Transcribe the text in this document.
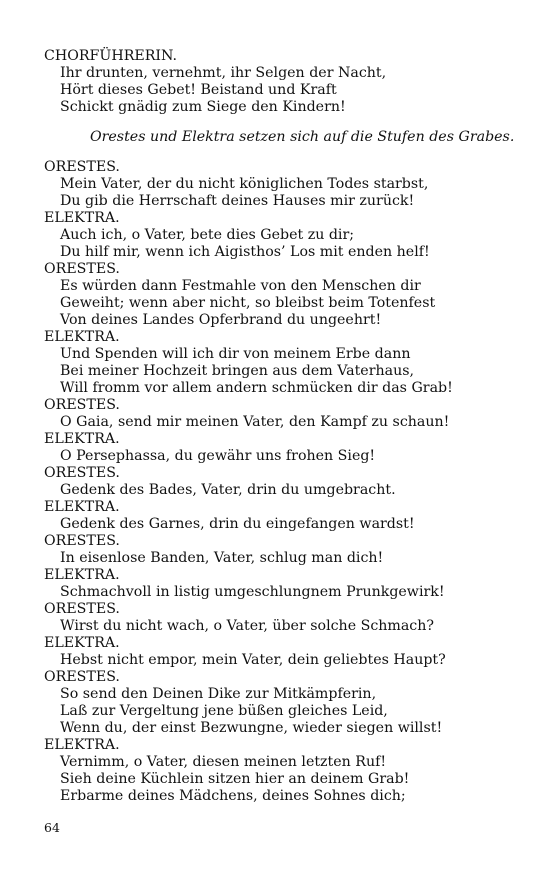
CHORFÜHRERIN.
Ihr drunten, vernehmt, ihr Selgen der Nacht,
Hört dieses Gebet! Beistand und Kraft
Schickt gnädig zum Siege den Kindern!
Orestes und Elektra setzen sich auf die Stufen des Grabes.
ORESTES.
Mein Vater, der du nicht königlichen Todes starbst,
Du gib die Herrschaft deines Hauses mir zurück!
ELEKTRA.
Auch ich, o Vater, bete dies Gebet zu dir;
Du hilf mir, wenn ich Aigisthos’ Los mit enden helf!
ORESTES.
Es würden dann Festmahle von den Menschen dir
Geweiht; wenn aber nicht, so bleibst beim Totenfest
Von deines Landes Opferbrand du ungeehrt!
ELEKTRA.
Und Spenden will ich dir von meinem Erbe dann
Bei meiner Hochzeit bringen aus dem Vaterhaus,
Will fromm vor allem andern schmücken dir das Grab!
ORESTES.
O Gaia, send mir meinen Vater, den Kampf zu schaun!
ELEKTRA.
O Persephassa, du gewähr uns frohen Sieg!
ORESTES.
Gedenk des Bades, Vater, drin du umgebracht.
ELEKTRA.
Gedenk des Garnes, drin du eingefangen wardst!
ORESTES.
In eisenlose Banden, Vater, schlug man dich!
ELEKTRA.
Schmachvoll in listig umgeschlungnem Prunkgewirk!
ORESTES.
Wirst du nicht wach, o Vater, über solche Schmach?
ELEKTRA.
Hebst nicht empor, mein Vater, dein geliebtes Haupt?
ORESTES.
So send den Deinen Dike zur Mitkämpferin,
Laß zur Vergeltung jene büßen gleiches Leid,
Wenn du, der einst Bezwungne, wieder siegen willst!
ELEKTRA.
Vernimm, o Vater, diesen meinen letzten Ruf!
Sieh deine Küchlein sitzen hier an deinem Grab!
Erbarme deines Mädchens, deines Sohnes dich;
64
